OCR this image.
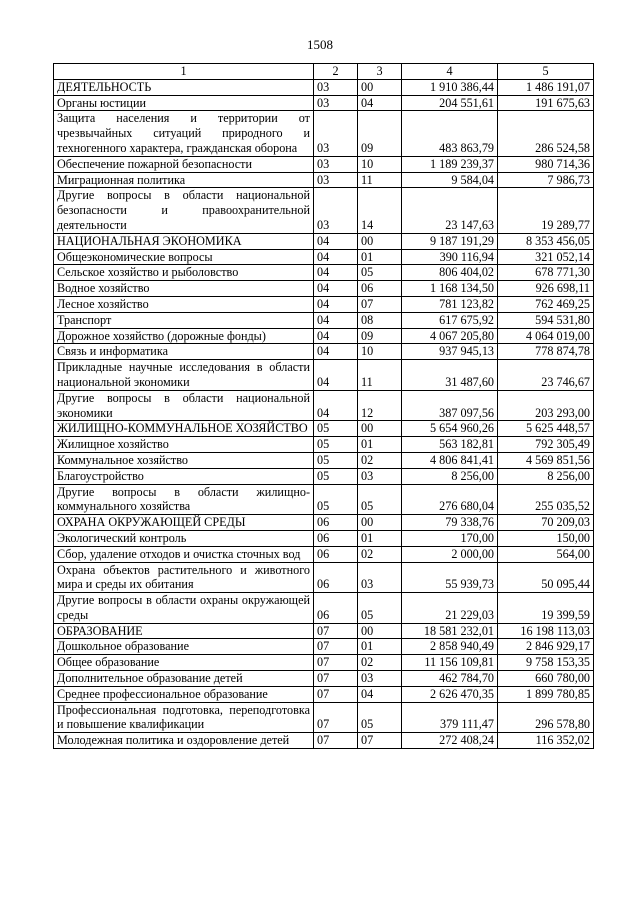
1508
1	2	3	4	5
ДЕЯТЕЛЬНОСТЬ	03	00	1 910 386,44	1 486 191,07
Органы юстиции	03	04	204 551,61	191 675,63
Защита населения и территории от чрезвычайных ситуаций природного и техногенного характера, гражданская оборона	03	09	483 863,79	286 524,58
Обеспечение пожарной безопасности	03	10	1 189 239,37	980 714,36
Миграционная политика	03	11	9 584,04	7 986,73
Другие вопросы в области национальной безопасности и правоохранительной деятельности	03	14	23 147,63	19 289,77
НАЦИОНАЛЬНАЯ ЭКОНОМИКА	04	00	9 187 191,29	8 353 456,05
Общеэкономические вопросы	04	01	390 116,94	321 052,14
Сельское хозяйство и рыболовство	04	05	806 404,02	678 771,30
Водное хозяйство	04	06	1 168 134,50	926 698,11
Лесное хозяйство	04	07	781 123,82	762 469,25
Транспорт	04	08	617 675,92	594 531,80
Дорожное хозяйство (дорожные фонды)	04	09	4 067 205,80	4 064 019,00
Связь и информатика	04	10	937 945,13	778 874,78
Прикладные научные исследования в области национальной экономики	04	11	31 487,60	23 746,67
Другие вопросы в области национальной экономики	04	12	387 097,56	203 293,00
ЖИЛИЩНО-КОММУНАЛЬНОЕ ХОЗЯЙСТВО	05	00	5 654 960,26	5 625 448,57
Жилищное хозяйство	05	01	563 182,81	792 305,49
Коммунальное хозяйство	05	02	4 806 841,41	4 569 851,56
Благоустройство	05	03	8 256,00	8 256,00
Другие вопросы в области жилищно-коммунального хозяйства	05	05	276 680,04	255 035,52
ОХРАНА ОКРУЖАЮЩЕЙ СРЕДЫ	06	00	79 338,76	70 209,03
Экологический контроль	06	01	170,00	150,00
Сбор, удаление отходов и очистка сточных вод	06	02	2 000,00	564,00
Охрана объектов растительного и животного мира и среды их обитания	06	03	55 939,73	50 095,44
Другие вопросы в области охраны окружающей среды	06	05	21 229,03	19 399,59
ОБРАЗОВАНИЕ	07	00	18 581 232,01	16 198 113,03
Дошкольное образование	07	01	2 858 940,49	2 846 929,17
Общее образование	07	02	11 156 109,81	9 758 153,35
Дополнительное образование детей	07	03	462 784,70	660 780,00
Среднее профессиональное образование	07	04	2 626 470,35	1 899 780,85
Профессиональная подготовка, переподготовка и повышение квалификации	07	05	379 111,47	296 578,80
Молодежная политика и оздоровление детей	07	07	272 408,24	116 352,02
